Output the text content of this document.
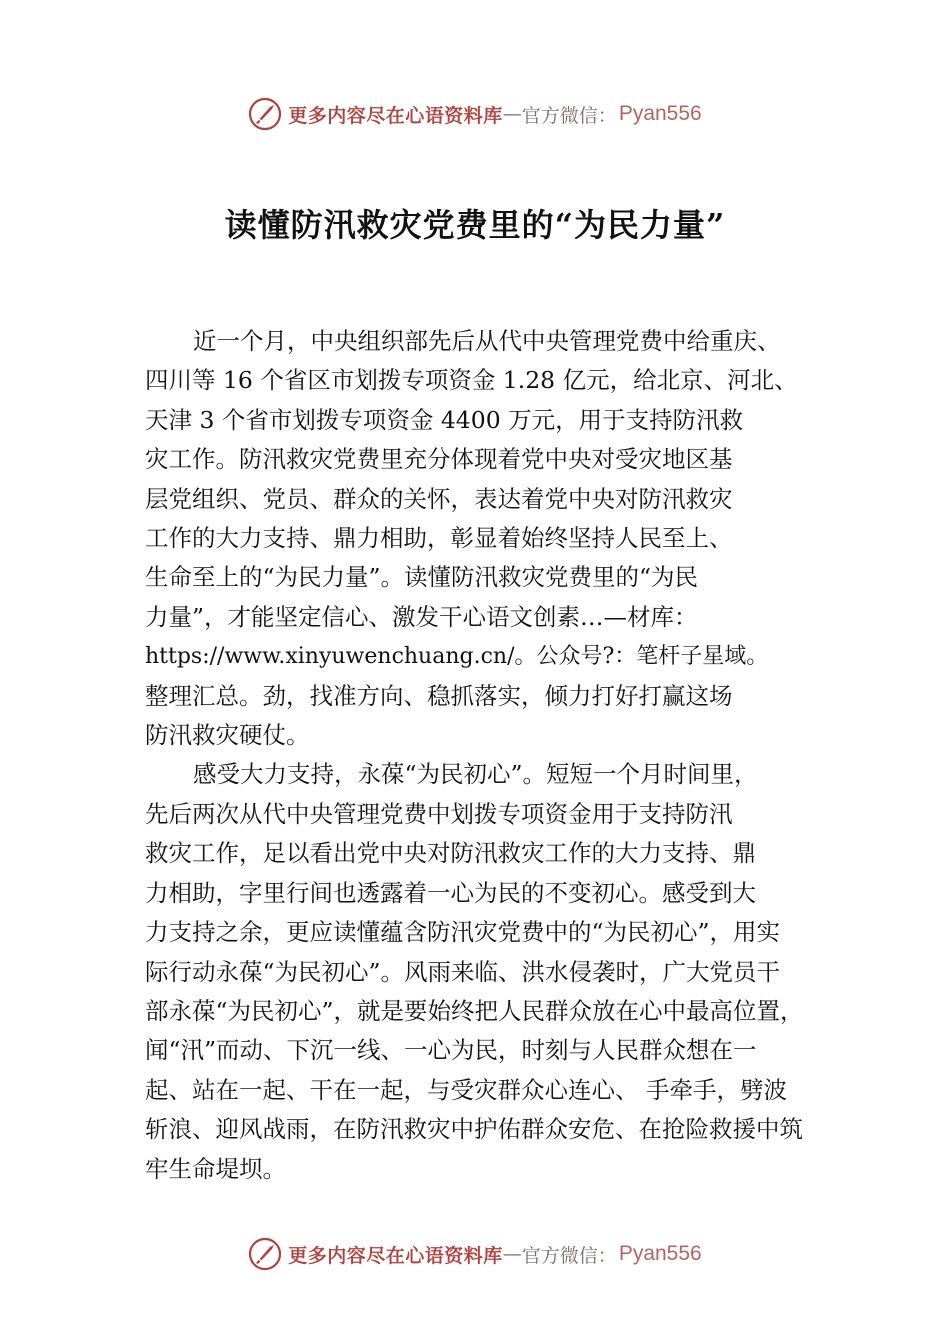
更多内容尽在心语资料库 — 官方微信： Pyan556
读懂防汛救灾党费里的“为民力量”

近一个月，中央组织部先后从代中央管理党费中给重庆、

四川等 16 个省区市划拨专项资金 1.28 亿元，给北京、河北、

天津 3 个省市划拨专项资金 4400 万元，用于支持防汛救

灾工作。防汛救灾党费里充分体现着党中央对受灾地区基

层党组织、党员、群众的关怀，表达着党中央对防汛救灾

工作的大力支持、鼎力相助，彰显着始终坚持人民至上、

生命至上的“为民力量”。读懂防汛救灾党费里的“为民

力量”，才能坚定信心、激发干心语文创素…—材库：

https://www.xinyuwenchuang.cn/。公众号?：笔杆子星域。

整理汇总。劲，找准方向、稳抓落实，倾力打好打赢这场

防汛救灾硬仗。

感受大力支持，永葆“为民初心”。短短一个月时间里，

先后两次从代中央管理党费中划拨专项资金用于支持防汛

救灾工作，足以看出党中央对防汛救灾工作的大力支持、鼎

力相助，字里行间也透露着一心为民的不变初心。感受到大

力支持之余，更应读懂蕴含防汛灾党费中的“为民初心”，用实

际行动永葆“为民初心”。风雨来临、洪水侵袭时，广大党员干

部永葆“为民初心”，就是要始终把人民群众放在心中最高位置，

闻“汛”而动、下沉一线、一心为民，时刻与人民群众想在一

起、站在一起、干在一起，与受灾群众心连心、 手牵手，劈波

斩浪、迎风战雨，在防汛救灾中护佑群众安危、在抢险救援中筑

牢生命堤坝。

更多内容尽在心语资料库 — 官方微信： Pyan556
